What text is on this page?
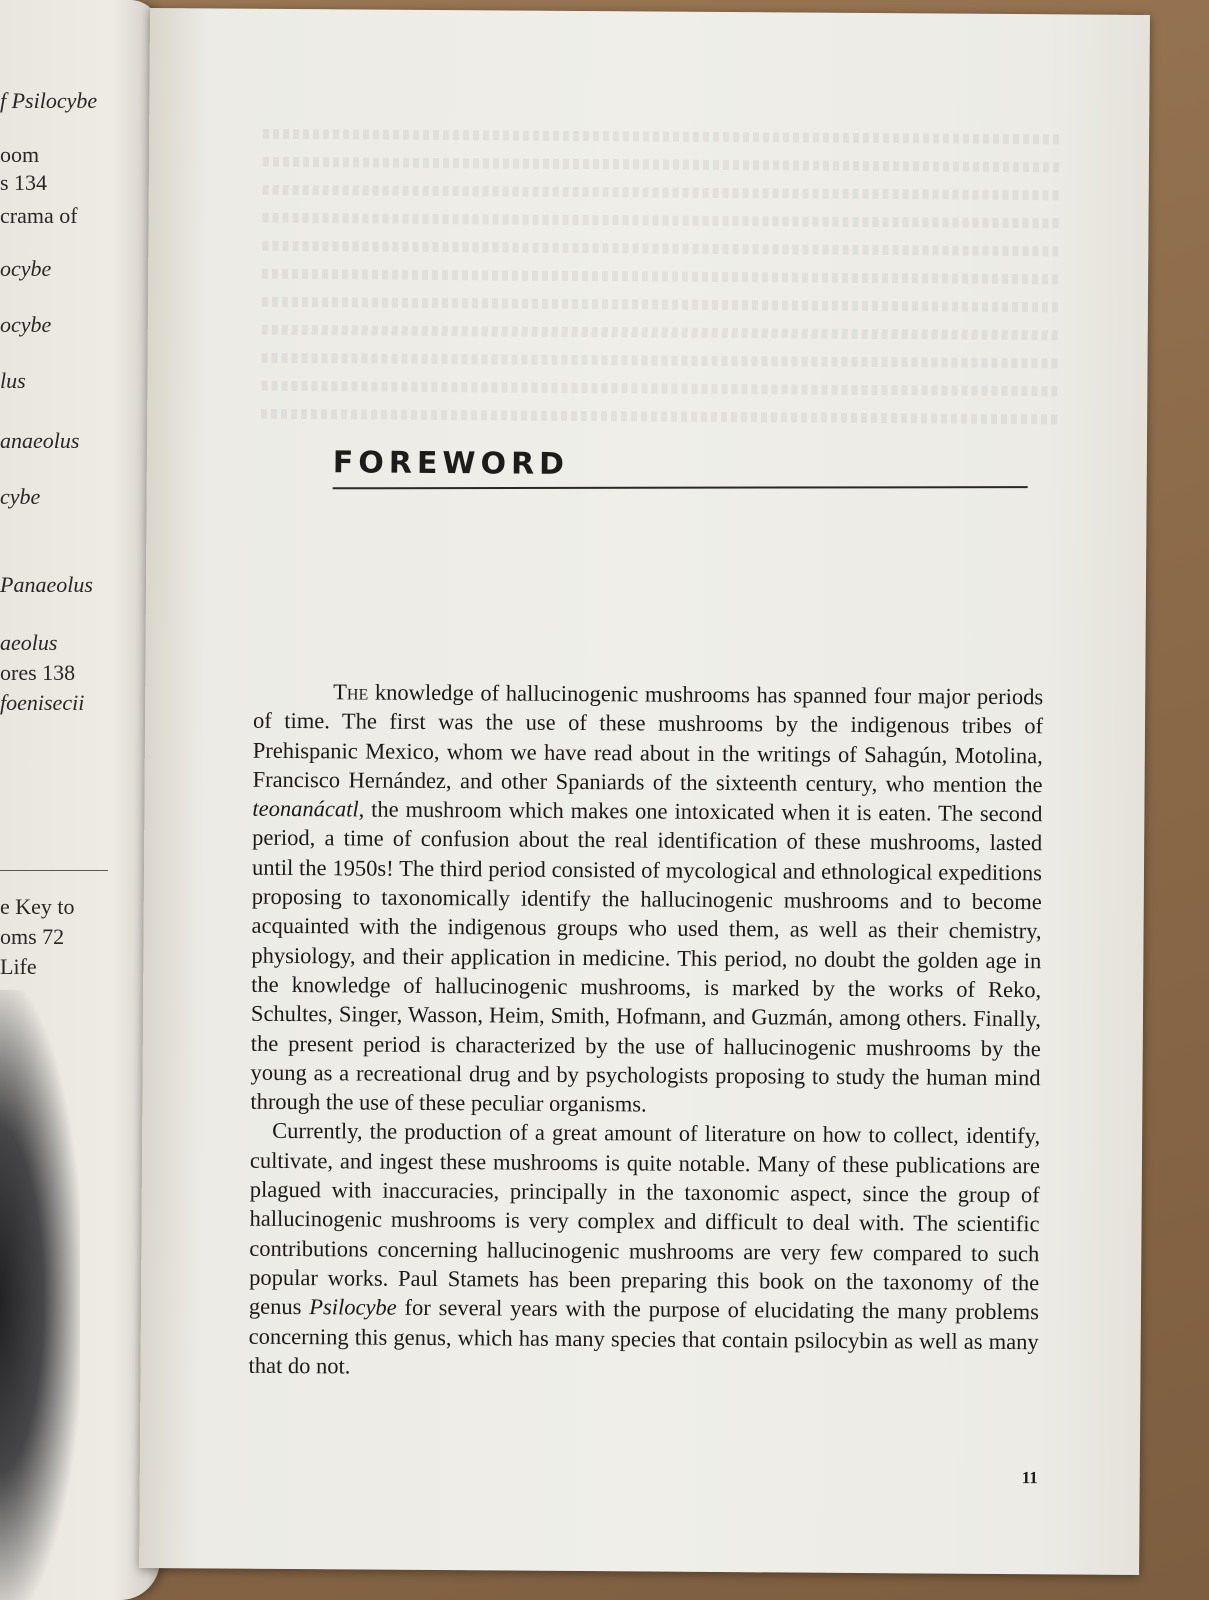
f Psilocybe

oom

s 134

crama of

ocybe

ocybe

lus

anaeolus

cybe

Panaeolus

aeolus

ores 138

foenisecii

e Key to

oms 72

Life

FOREWORD

The knowledge of hallucinogenic mushrooms has spanned four major periods of time. The first was the use of these mushrooms by the indigenous tribes of Prehispanic Mexico, whom we have read about in the writings of Sahagún, Motolina, Francisco Hernández, and other Spaniards of the sixteenth century, who mention the teonanácatl, the mushroom which makes one intoxicated when it is eaten. The second period, a time of confusion about the real identification of these mushrooms, lasted until the 1950s! The third period consisted of mycological and ethnological expeditions proposing to taxonomically identify the hallucinogenic mushrooms and to become acquainted with the indigenous groups who used them, as well as their chemistry, physiology, and their application in medicine. This period, no doubt the golden age in the knowledge of hallucinogenic mushrooms, is marked by the works of Reko, Schultes, Singer, Wasson, Heim, Smith, Hofmann, and Guzmán, among others. Finally, the present period is characterized by the use of hallucinogenic mushrooms by the young as a recreational drug and by psychologists proposing to study the human mind through the use of these peculiar organisms.

Currently, the production of a great amount of literature on how to collect, identify, cultivate, and ingest these mushrooms is quite notable. Many of these publications are plagued with inaccuracies, principally in the taxonomic aspect, since the group of hallucinogenic mushrooms is very complex and difficult to deal with. The scientific contributions concerning hallucinogenic mushrooms are very few compared to such popular works. Paul Stamets has been preparing this book on the taxonomy of the genus Psilocybe for several years with the purpose of elucidating the many problems concerning this genus, which has many species that contain psilocybin as well as many that do not.

11
